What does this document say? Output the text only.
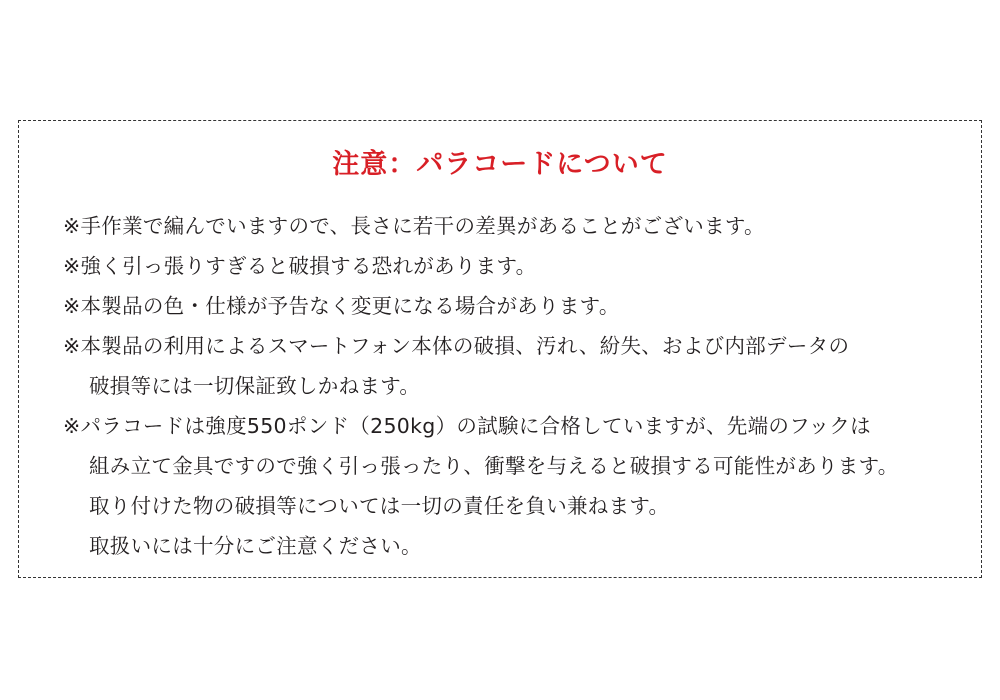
注意：パラコードについて
※手作業で編んでいますので、長さに若干の差異があることがございます。
※強く引っ張りすぎると破損する恐れがあります。
※本製品の色・仕様が予告なく変更になる場合があります。
※本製品の利用によるスマートフォン本体の破損、汚れ、紛失、および内部データの
破損等には一切保証致しかねます。
※パラコードは強度550ポンド（250kg）の試験に合格していますが、先端のフックは
組み立て金具ですので強く引っ張ったり、衝撃を与えると破損する可能性があります。
取り付けた物の破損等については一切の責任を負い兼ねます。
取扱いには十分にご注意ください。
